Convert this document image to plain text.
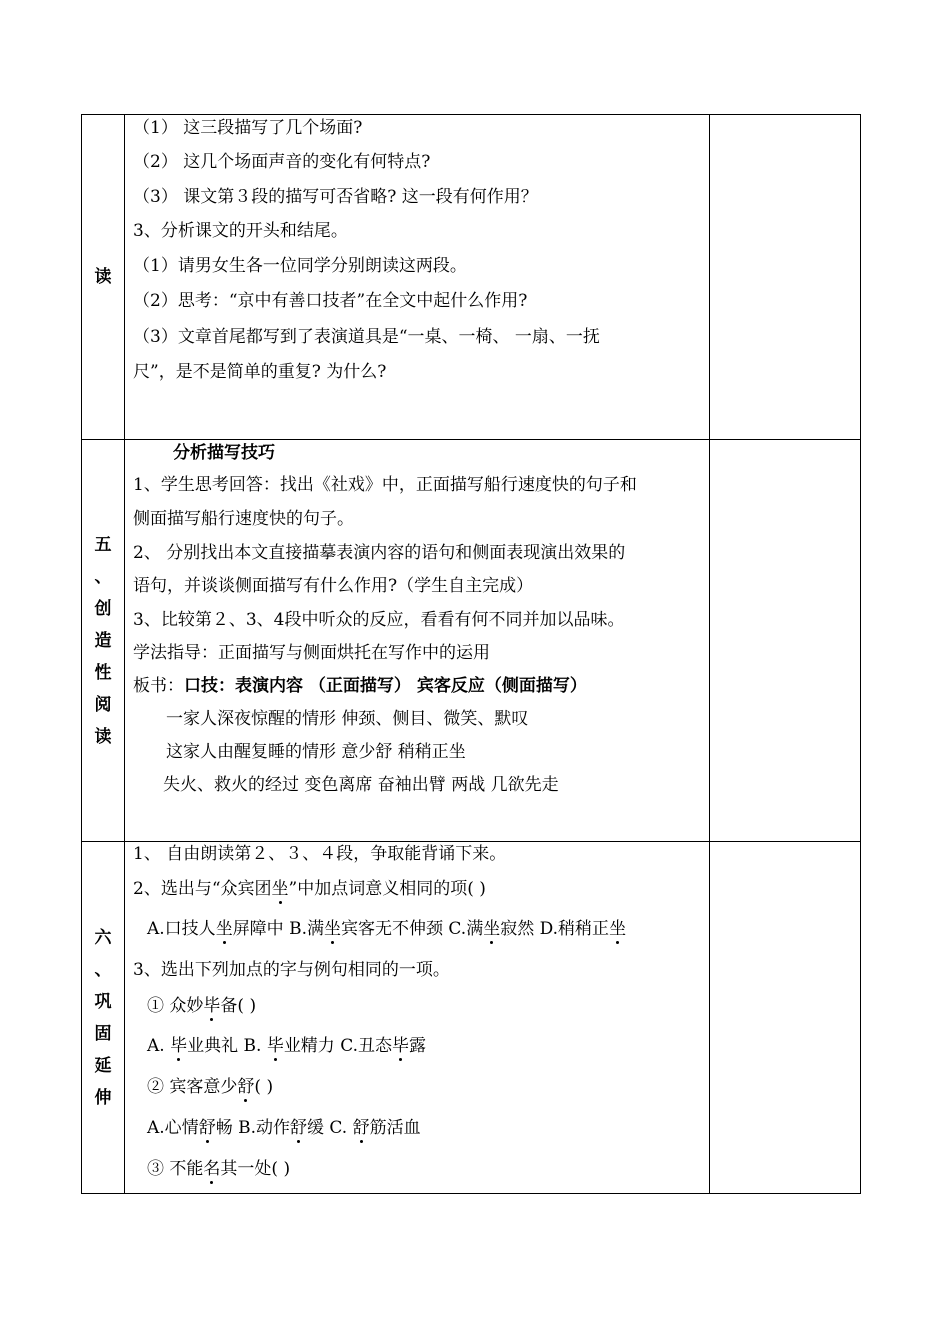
读
（1） 这三段描写了几个场面?
（2） 这几个场面声音的变化有何特点?
（3） 课文第３段的描写可否省略? 这一段有何作用？
3、分析课文的开头和结尾。
（1）请男女生各一位同学分别朗读这两段。
（2）思考：“京中有善口技者”在全文中起什么作用?
（3）文章首尾都写到了表演道具是“一桌、一椅、 一扇、一抚
尺”，是不是简单的重复? 为什么?
五
、
创
造
性
阅
读
分析描写技巧
1、学生思考回答：找出《社戏》中，正面描写船行速度快的句子和
侧面描写船行速度快的句子。
2、 分别找出本文直接描摹表演内容的语句和侧面表现演出效果的
语句，并谈谈侧面描写有什么作用?（学生自主完成）
3、比较第２、3、4段中听众的反应，看看有何不同并加以品味。
学法指导：正面描写与侧面烘托在写作中的运用
板书：口技：表演内容 （正面描写） 宾客反应（侧面描写）
一家人深夜惊醒的情形 伸颈、侧目、微笑、默叹
这家人由醒复睡的情形 意少舒 稍稍正坐
失火、救火的经过 变色离席 奋袖出臂 两战 几欲先走
六
、
巩
固
延
伸
1、 自由朗读第２、３、４段，争取能背诵下来。
2、选出与“众宾团坐”中加点词意义相同的项( )
A.口技人坐屏障中 B.满坐宾客无不伸颈 C.满坐寂然 D.稍稍正坐
3、选出下列加点的字与例句相同的一项。
① 众妙毕备( )
A. 毕业典礼 B. 毕业精力 C.丑态毕露
② 宾客意少舒( )
A.心情舒畅 B.动作舒缓 C. 舒筋活血
③ 不能名其一处( )
